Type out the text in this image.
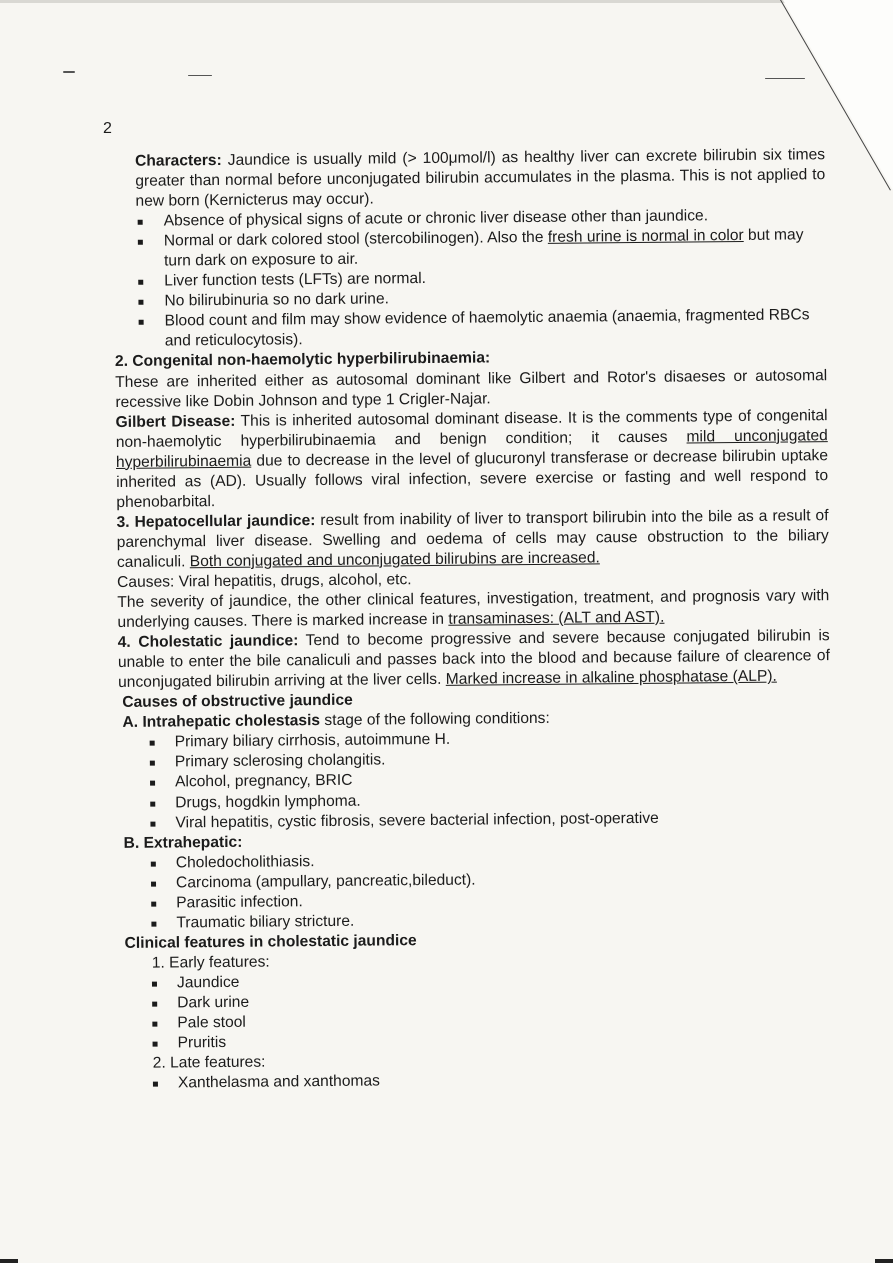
2

Characters: Jaundice is usually mild (> 100μmol/l) as healthy liver can excrete bilirubin six times greater than normal before unconjugated bilirubin accumulates in the plasma. This is not applied to new born (Kernicterus may occur).

Absence of physical signs of acute or chronic liver disease other than jaundice.
Normal or dark colored stool (stercobilinogen). Also the fresh urine is normal in color but may turn dark on exposure to air.
Liver function tests (LFTs) are normal.
No bilirubinuria so no dark urine.
Blood count and film may show evidence of haemolytic anaemia (anaemia, fragmented RBCs and reticulocytosis).

2. Congenital non-haemolytic hyperbilirubinaemia:

These are inherited either as autosomal dominant like Gilbert and Rotor's disaeses or autosomal recessive like Dobin Johnson and type 1 Crigler-Najar.

Gilbert Disease: This is inherited autosomal dominant disease. It is the comments type of congenital non-haemolytic hyperbilirubinaemia and benign condition; it causes mild unconjugated hyperbilirubinaemia due to decrease in the level of glucuronyl transferase or decrease bilirubin uptake inherited as (AD). Usually follows viral infection, severe exercise or fasting and well respond to phenobarbital.

3. Hepatocellular jaundice: result from inability of liver to transport bilirubin into the bile as a result of parenchymal liver disease. Swelling and oedema of cells may cause obstruction to the biliary canaliculi. Both conjugated and unconjugated bilirubins are increased.

Causes: Viral hepatitis, drugs, alcohol, etc.

The severity of jaundice, the other clinical features, investigation, treatment, and prognosis vary with underlying causes. There is marked increase in transaminases: (ALT and AST).

4. Cholestatic jaundice: Tend to become progressive and severe because conjugated bilirubin is unable to enter the bile canaliculi and passes back into the blood and because failure of clearence of unconjugated bilirubin arriving at the liver cells. Marked increase in alkaline phosphatase (ALP).

Causes of obstructive jaundice

A. Intrahepatic cholestasis stage of the following conditions:

Primary biliary cirrhosis, autoimmune H.
Primary sclerosing cholangitis.
Alcohol, pregnancy, BRIC
Drugs, hogdkin lymphoma.
Viral hepatitis, cystic fibrosis, severe bacterial infection, post-operative

B. Extrahepatic:

Choledocholithiasis.
Carcinoma (ampullary, pancreatic,bileduct).
Parasitic infection.
Traumatic biliary stricture.

Clinical features in cholestatic jaundice

1. Early features:

Jaundice
Dark urine
Pale stool
Pruritis

2. Late features:

Xanthelasma and xanthomas
